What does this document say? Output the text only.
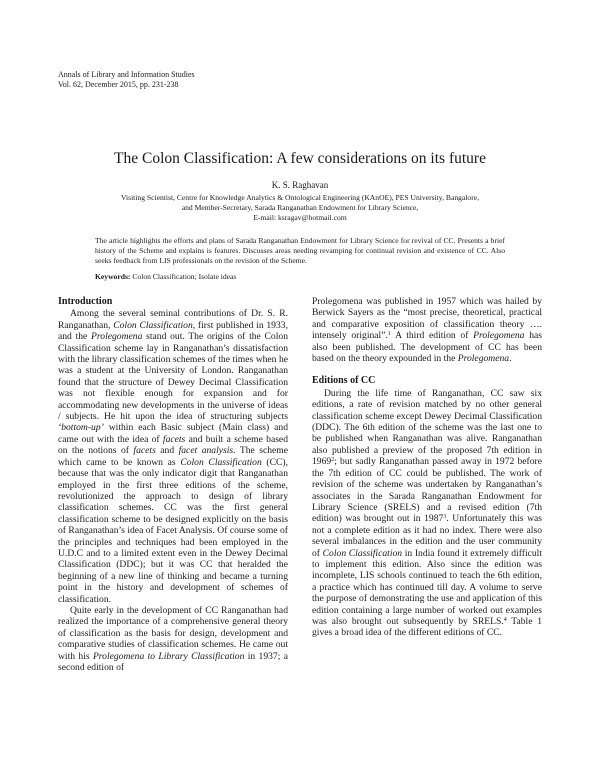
Annals of Library and Information Studies
Vol. 62, December 2015, pp. 231-238
The Colon Classification: A few considerations on its future
K. S. Raghavan
Visiting Scientist, Centre for Knowledge Analytics & Ontological Engineering (KAnOE), PES University, Bangalore,
and Member-Secretary, Sarada Ranganathan Endowment for Library Science,
E-mail: ksragav@hotmail.com
The article highlights the efforts and plans of Sarada Ranganathan Endowment for Library Science for revival of CC. Presents a brief history of the Scheme and explains is features. Discusses areas needing revamping for continual revision and existence of CC. Also seeks feedback from LIS professionals on the revision of the Scheme.
Keywords: Colon Classification; Isolate ideas
Introduction

Among the several seminal contributions of Dr. S. R. Ranganathan, Colon Classification, first published in 1933, and the Prolegomena stand out. The origins of the Colon Classification scheme lay in Ranganathan’s dissatisfaction with the library classification schemes of the times when he was a student at the University of London. Ranganathan found that the structure of Dewey Decimal Classification was not flexible enough for expansion and for accommodating new developments in the universe of ideas / subjects. He hit upon the idea of structuring subjects ‘bottom-up’ within each Basic subject (Main class) and came out with the idea of facets and built a scheme based on the notions of facets and facet analysis. The scheme which came to be known as Colon Classification (CC), because that was the only indicator digit that Ranganathan employed in the first three editions of the scheme, revolutionized the approach to design of library classification schemes. CC was the first general classification scheme to be designed explicitly on the basis of Ranganathan’s idea of Facet Analysis. Of course some of the principles and techniques had been employed in the U.D.C and to a limited extent even in the Dewey Decimal Classification (DDC); but it was CC that heralded the beginning of a new line of thinking and became a turning point in the history and development of schemes of classification.

Quite early in the development of CC Ranganathan had realized the importance of a comprehensive general theory of classification as the basis for design, development and comparative studies of classification schemes. He came out with his Prolegomena to Library Classification in 1937; a second edition of

Prolegomena was published in 1957 which was hailed by Berwick Sayers as the “most precise, theoretical, practical and comparative exposition of classification theory …. intensely original”.$^1$ A third edition of Prolegomena has also been published. The development of CC has been based on the theory expounded in the Prolegomena.

Editions of CC

During the life time of Ranganathan, CC saw six editions, a rate of revision matched by no other general classification scheme except Dewey Decimal Classification (DDC). The 6th edition of the scheme was the last one to be published when Ranganathan was alive. Ranganathan also published a preview of the proposed 7th edition in 1969$^2$; but sadly Ranganathan passed away in 1972 before the 7th edition of CC could be published. The work of revision of the scheme was undertaken by Ranganathan’s associates in the Sarada Ranganathan Endowment for Library Science (SRELS) and a revised edition (7th edition) was brought out in 1987$^3$. Unfortunately this was not a complete edition as it had no index. There were also several imbalances in the edition and the user community of Colon Classification in India found it extremely difficult to implement this edition. Also since the edition was incomplete, LIS schools continued to teach the 6th edition, a practice which has continued till day. A volume to serve the purpose of demonstrating the use and application of this edition containing a large number of worked out examples was also brought out subsequently by SRELS.$^4$ Table 1 gives a broad idea of the different editions of CC.
